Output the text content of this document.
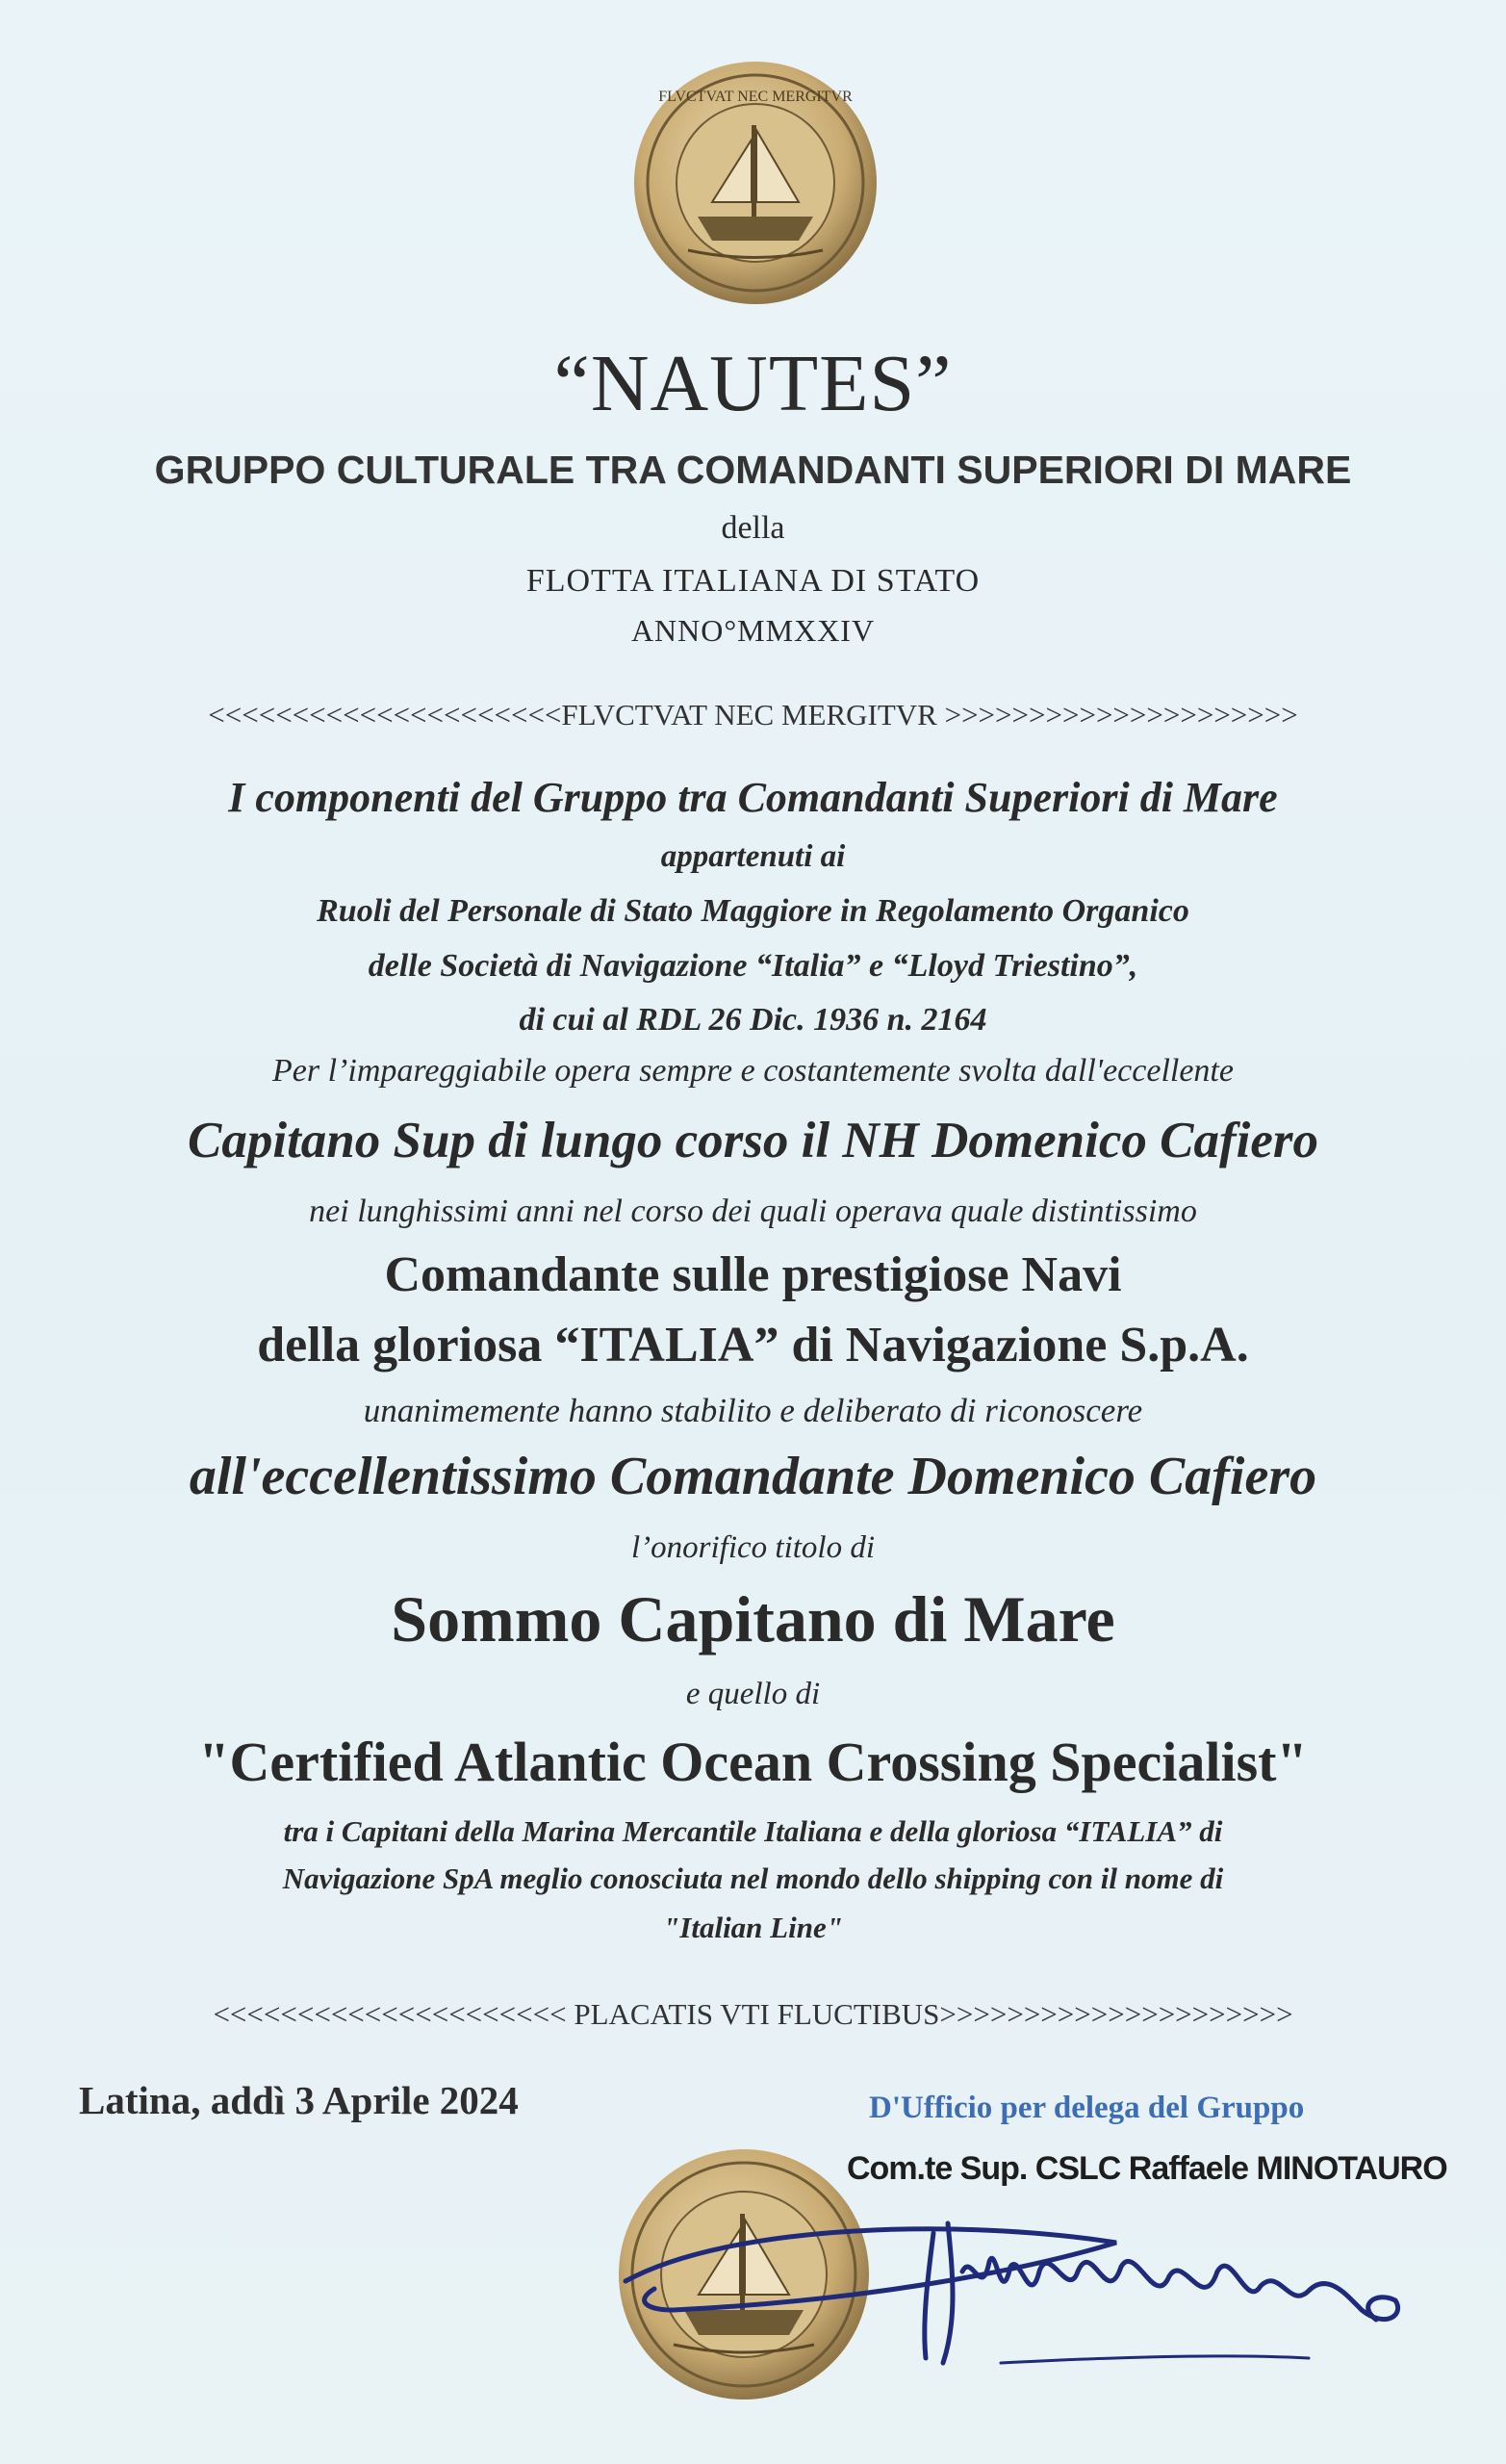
FLVCTVAT NEC MERGITVR
“NAUTES”
GRUPPO CULTURALE TRA COMANDANTI SUPERIORI DI MARE
della
FLOTTA ITALIANA DI STATO
ANNO°MMXXIV
<<<<<<<<<<<<<<<<<<<<<FLVCTVAT NEC MERGITVR >>>>>>>>>>>>>>>>>>>>>
I componenti del Gruppo tra Comandanti Superiori di Mare
appartenuti ai
Ruoli del Personale di Stato Maggiore in Regolamento Organico
delle Società di Navigazione “Italia” e “Lloyd Triestino”,
di cui al RDL 26 Dic. 1936 n. 2164
Per l’impareggiabile opera sempre e costantemente svolta dall'eccellente
Capitano Sup di lungo corso il NH Domenico Cafiero
nei lunghissimi anni nel corso dei quali operava quale distintissimo
Comandante sulle prestigiose Navi
della gloriosa “ITALIA” di Navigazione S.p.A.
unanimemente hanno stabilito e deliberato di riconoscere
all'eccellentissimo Comandante Domenico Cafiero
l’onorifico titolo di
Sommo Capitano di Mare
e quello di
"Certified Atlantic Ocean Crossing Specialist"
tra i Capitani della Marina Mercantile Italiana e della gloriosa “ITALIA” di
Navigazione SpA meglio conosciuta nel mondo dello shipping con il nome di
"Italian Line"
<<<<<<<<<<<<<<<<<<<<< PLACATIS VTI FLUCTIBUS>>>>>>>>>>>>>>>>>>>>>
Latina, addì 3 Aprile 2024	D'Ufficio per delega del Gruppo
Com.te Sup. CSLC Raffaele MINOTAURO
